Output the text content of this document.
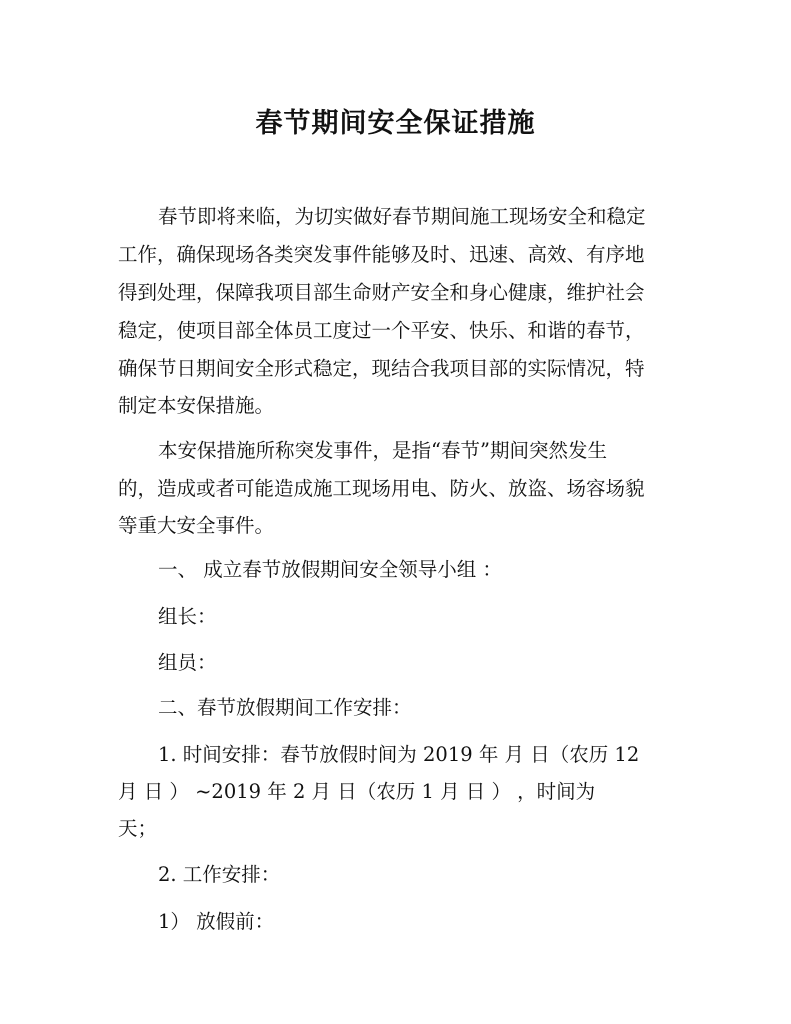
春节期间安全保证措施

春节即将来临，为切实做好春节期间施工现场安全和稳定

工作，确保现场各类突发事件能够及时、迅速、高效、有序地

得到处理，保障我项目部生命财产安全和身心健康，维护社会

稳定，使项目部全体员工度过一个平安、快乐、和谐的春节，

确保节日期间安全形式稳定，现结合我项目部的实际情况，特

制定本安保措施。

本安保措施所称突发事件，是指“春节”期间突然发生

的，造成或者可能造成施工现场用电、防火、放盗、场容场貌

等重大安全事件。

一、 成立春节放假期间安全领导小组 ：

组长：

组员：

二、春节放假期间工作安排：

1. 时间安排：春节放假时间为 2019 年 月 日（农历 12

月 日 ） ~2019 年 2 月 日（农历 1 月 日 ） ，时间为

天；

2. 工作安排：

1） 放假前：
